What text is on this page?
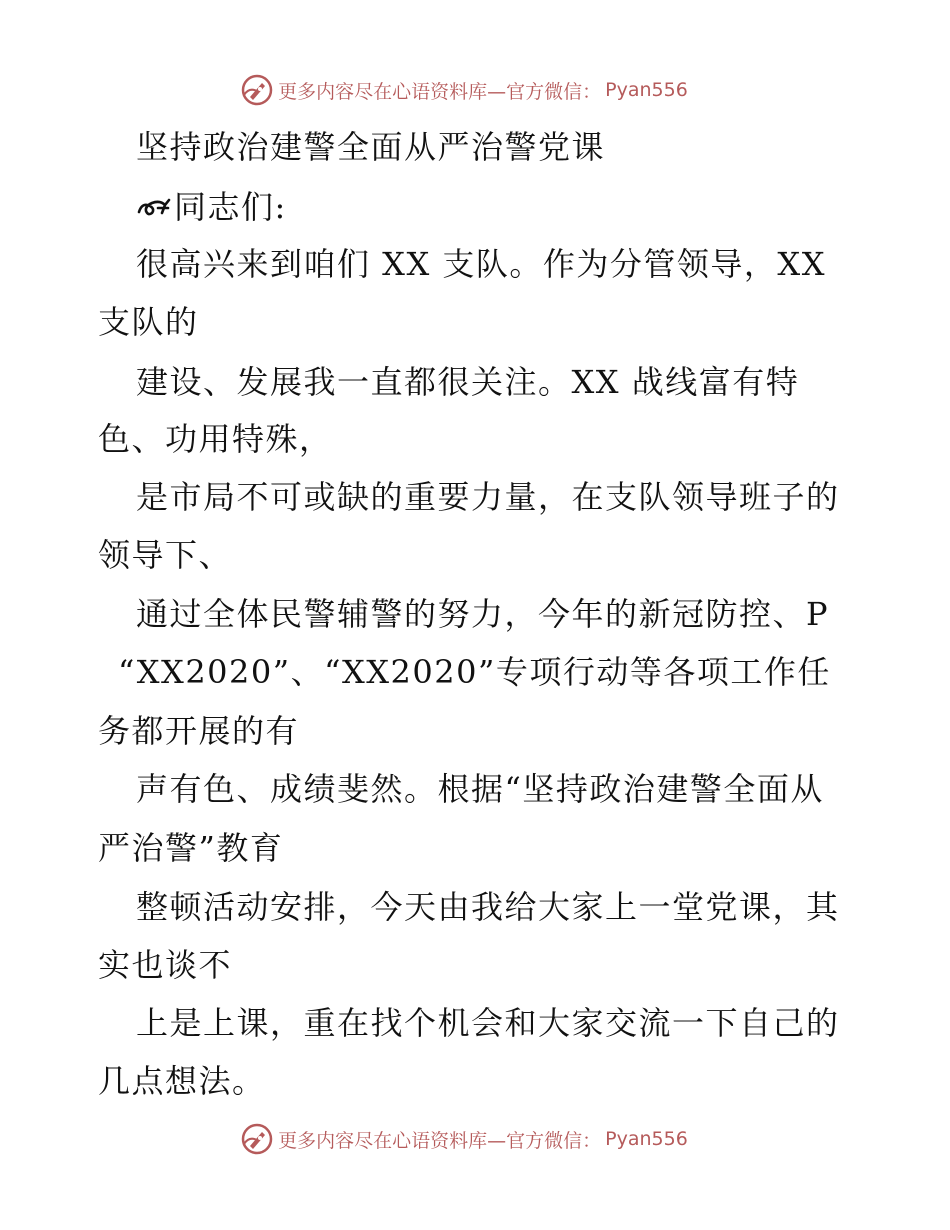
更多内容尽在心语资料库—官方微信： Pyan556
坚持政治建警全面从严治警党课
同志们:
很高兴来到咱们 XX 支队。作为分管领导，XX
支队的
建设、发展我一直都很关注。XX 战线富有特
色、功用特殊，
是市局不可或缺的重要力量，在支队领导班子的
领导下、
通过全体民警辅警的努力，今年的新冠防控、P
“XX2020”、“XX2020”专项行动等各项工作任
务都开展的有
声有色、成绩斐然。根据“坚持政治建警全面从
严治警”教育
整顿活动安排，今天由我给大家上一堂党课，其
实也谈不
上是上课，重在找个机会和大家交流一下自己的
几点想法。
更多内容尽在心语资料库—官方微信： Pyan556
